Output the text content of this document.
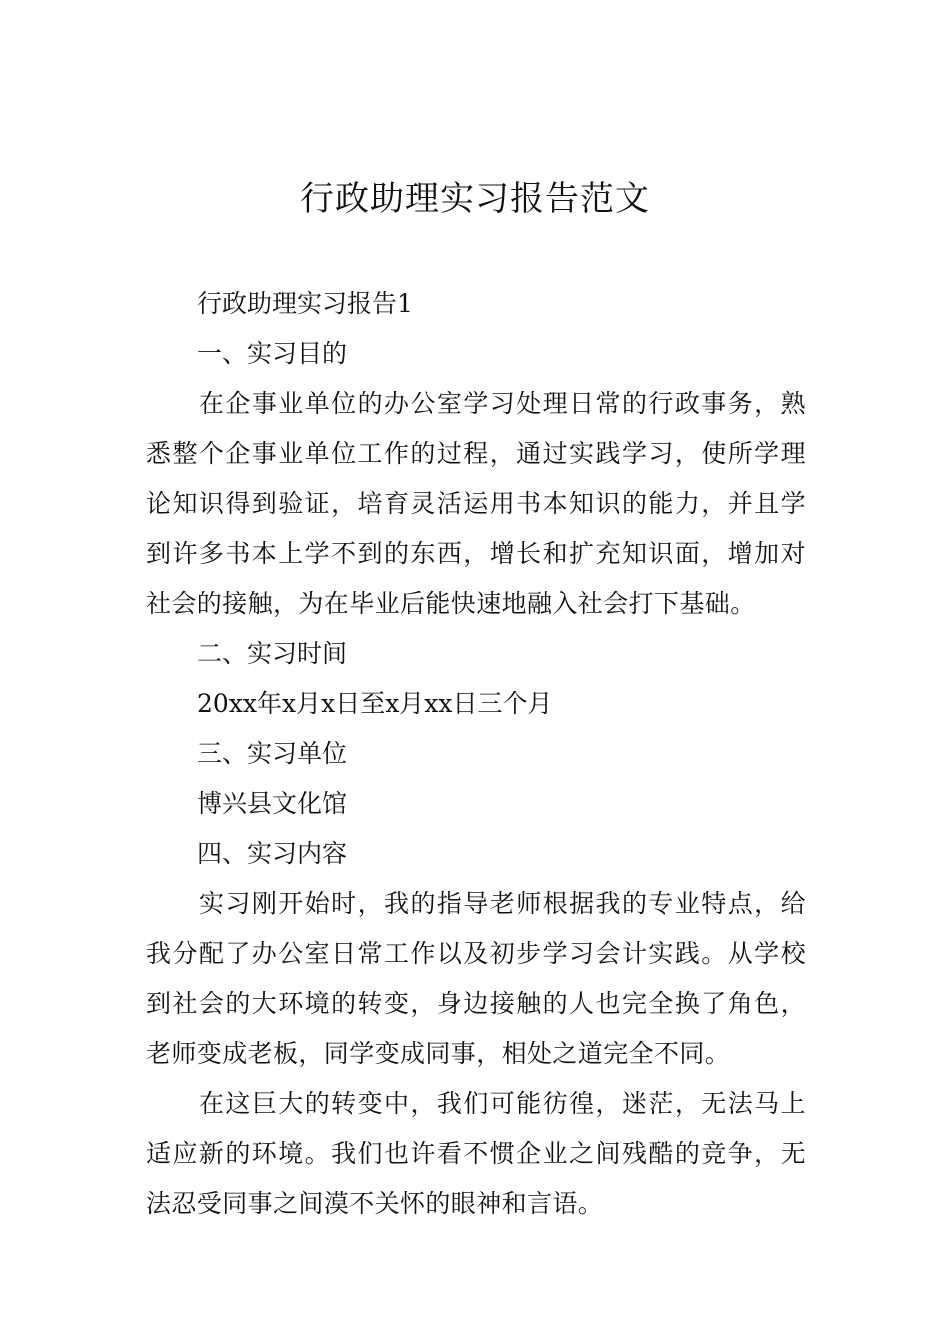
行政助理实习报告范文

行政助理实习报告1

一、实习目的

在企事业单位的办公室学习处理日常的行政事务，熟悉整个企事业单位工作的过程，通过实践学习，使所学理论知识得到验证，培育灵活运用书本知识的能力，并且学到许多书本上学不到的东西，增长和扩充知识面，增加对社会的接触，为在毕业后能快速地融入社会打下基础。

二、实习时间

20xx年x月x日至x月xx日三个月

三、实习单位

博兴县文化馆

四、实习内容

实习刚开始时，我的指导老师根据我的专业特点，给我分配了办公室日常工作以及初步学习会计实践。从学校到社会的大环境的转变，身边接触的人也完全换了角色，老师变成老板，同学变成同事，相处之道完全不同。

在这巨大的转变中，我们可能彷徨，迷茫，无法马上适应新的环境。我们也许看不惯企业之间残酷的竞争，无法忍受同事之间漠不关怀的眼神和言语。
